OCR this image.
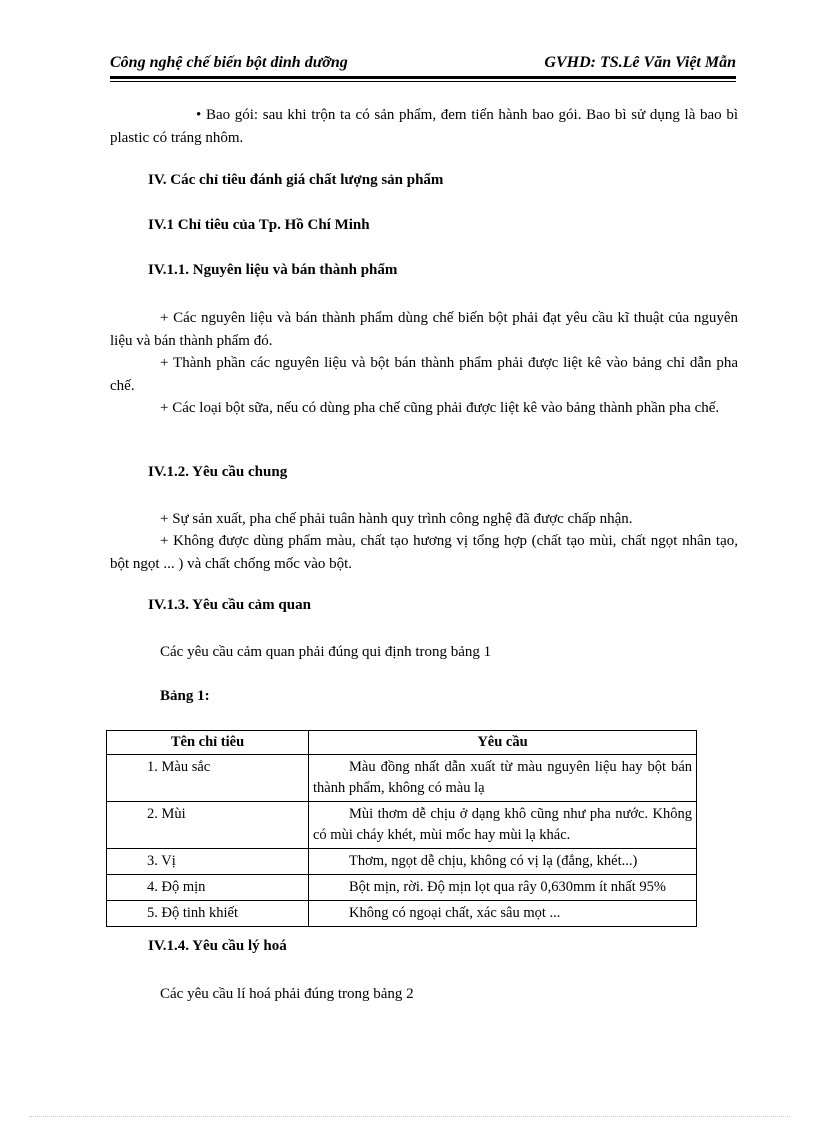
Công nghệ chế biến bột dinh dưỡng	GVHD: TS.Lê Văn Việt Mẫn
• Bao gói: sau khi trộn ta có sản phẩm, đem tiến hành bao gói. Bao bì sử dụng là bao bì plastic có tráng nhôm.
IV. Các chỉ tiêu đánh giá chất lượng sản phẩm
IV.1 Chỉ tiêu của Tp. Hồ Chí Minh
IV.1.1. Nguyên liệu và bán thành phẩm
+ Các nguyên liệu và bán thành phẩm dùng chế biến bột phải đạt yêu cầu kĩ thuật của nguyên liệu và bán thành phẩm đó.
+ Thành phần các nguyên liệu và bột bán thành phẩm phải được liệt kê vào bảng chỉ dẫn pha chế.
+ Các loại bột sữa, nếu có dùng pha chế cũng phải được liệt kê vào bảng thành phần pha chế.
IV.1.2. Yêu cầu chung
+ Sự sản xuất, pha chế phải tuân hành quy trình công nghệ đã được chấp nhận.
+ Không được dùng phẩm màu, chất tạo hương vị tổng hợp (chất tạo mùi, chất ngọt nhân tạo, bột ngọt ... ) và chất chống mốc vào bột.
IV.1.3. Yêu cầu cảm quan
Các yêu cầu cảm quan phải đúng qui định trong bảng 1
Bảng 1:
Tên chỉ tiêu	Yêu cầu
1. Màu sắc	Màu đồng nhất dẫn xuất từ màu nguyên liệu hay bột bán thành phẩm, không có màu lạ
2. Mùi	Mùi thơm dễ chịu ở dạng khô cũng như pha nước. Không có mùi cháy khét, mùi mốc hay mùi lạ khác.
3. Vị	Thơm, ngọt dễ chịu, không có vị lạ (đắng, khét...)
4. Độ mịn	Bột mịn, rời. Độ mịn lọt qua rây 0,630mm ít nhất 95%
5. Độ tinh khiết	Không có ngoại chất, xác sâu mọt ...
IV.1.4. Yêu cầu lý hoá
Các yêu cầu lí hoá phải đúng trong bảng 2
